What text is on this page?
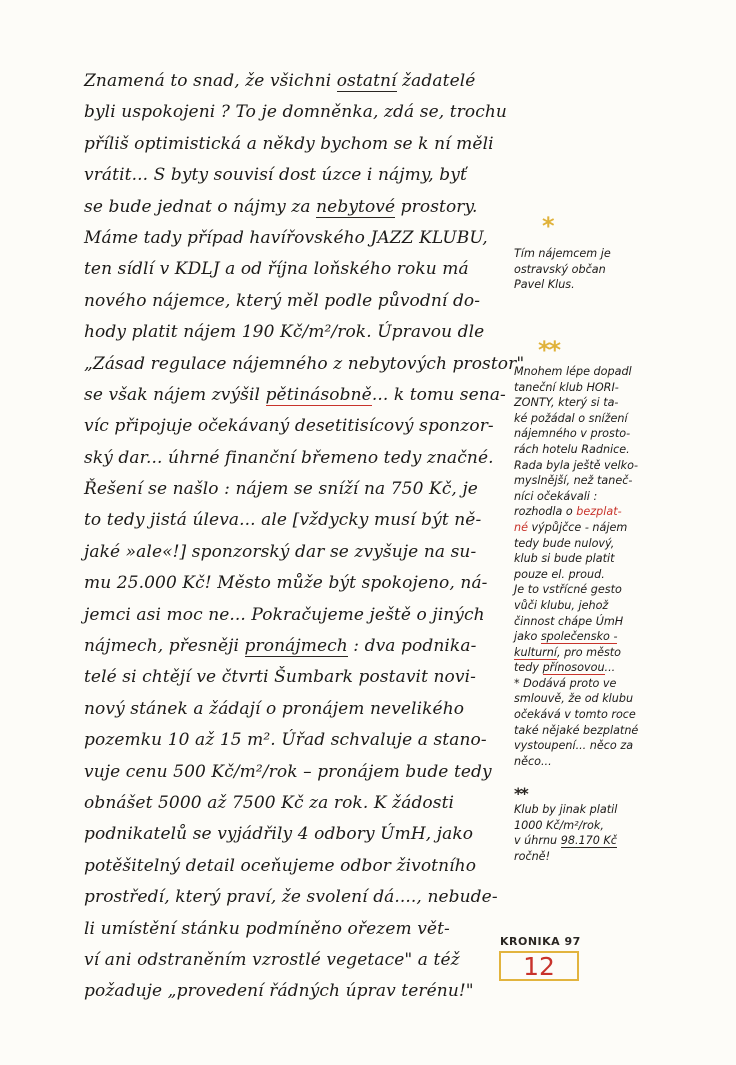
Znamená to snad, že všichni ostatní žadatelé
byli uspokojeni ? To je domněnka, zdá se, trochu
příliš optimistická a někdy bychom se k ní měli
vrátit... S byty souvisí dost úzce i nájmy, byť
se bude jednat o nájmy za nebytové prostory.
Máme tady případ havířovského JAZZ KLUBU,
ten sídlí v KDLJ a od října loňského roku má
nového nájemce, který měl podle původní do-
hody platit nájem 190 Kč/m²/rok. Úpravou dle
„Zásad regulace nájemného z nebytových prostor"
se však nájem zvýšil pětinásobně... k tomu sena-
víc připojuje očekávaný desetitisícový sponzor-
ský dar... úhrné finanční břemeno tedy značné.
Řešení se našlo : nájem se sníží na 750 Kč, je
to tedy jistá úleva... ale [vždycky musí být ně-
jaké »ale«!] sponzorský dar se zvyšuje na su-
mu 25.000 Kč! Město může být spokojeno, ná-
jemci asi moc ne... Pokračujeme ještě o jiných
nájmech, přesněji pronájmech : dva podnika-
telé si chtějí ve čtvrti Šumbark postavit novi-
nový stánek a žádají o pronájem nevelikého
pozemku 10 až 15 m². Úřad schvaluje a stano-
vuje cenu 500 Kč/m²/rok – pronájem bude tedy
obnášet 5000 až 7500 Kč za rok. K žádosti
podnikatelů se vyjádřily 4 odbory ÚmH, jako
potěšitelný detail oceňujeme odbor životního
prostředí, který praví, že svolení dá...., nebude-
li umístění stánku podmíněno ořezem vět-
ví ani odstraněním vzrostlé vegetace" a též
požaduje „provedení řádných úprav terénu!"
*
Tím nájemcem je
ostravský občan
Pavel Klus.
**
Mnohem lépe dopadl
taneční klub HORI-
ZONTY, který si ta-
ké požádal o snížení
nájemného v prosto-
rách hotelu Radnice.
Rada byla ještě velko-
myslnější, než taneč-
níci očekávali :
rozhodla o bezplat-
né výpůjčce - nájem
tedy bude nulový,
klub si bude platit
pouze el. proud.
Je to vstřícné gesto
vůči klubu, jehož
činnost chápe ÚmH
jako společensko -
kulturní, pro město
tedy přínosovou...
* Dodává proto ve
smlouvě, že od klubu
očekává v tomto roce
také nějaké bezplatné
vystoupení... něco za
něco...
**
Klub by jinak platil
1000 Kč/m²/rok,
v úhrnu 98.170 Kč
ročně!
KRONIKA 97
12
